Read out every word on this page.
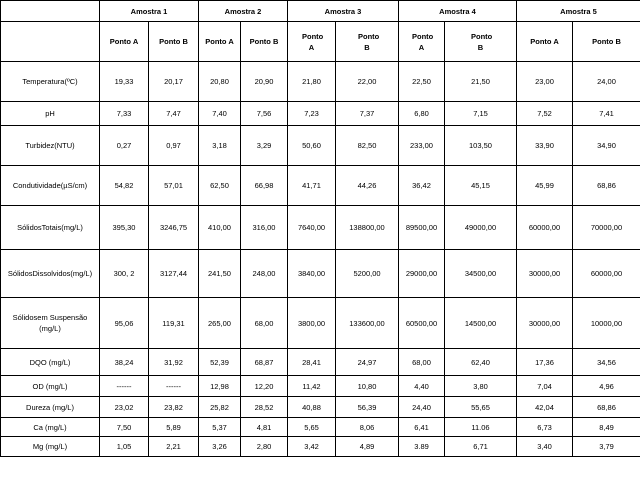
	Amostra 1		Amostra 2		Amostra 3		Amostra 4		Amostra 5	
	Ponto A	Ponto B	Ponto A	Ponto B	Ponto A	Ponto B	Ponto A	Ponto B	Ponto A	Ponto B
Temperatura(ºC)	19,33	20,17	20,80	20,90	21,80	22,00	22,50	21,50	23,00	24,00
pH	7,33	7,47	7,40	7,56	7,23	7,37	6,80	7,15	7,52	7,41
Turbidez(NTU)	0,27	0,97	3,18	3,29	50,60	82,50	233,00	103,50	33,90	34,90
Condutividade(µS/cm)	54,82	57,01	62,50	66,98	41,71	44,26	36,42	45,15	45,99	68,86
SólidosTotais(mg/L)	395,30	3246,75	410,00	316,00	7640,00	138800,00	89500,00	49000,00	60000,00	70000,00
SólidosDissolvidos(mg/L)	300, 2	3127,44	241,50	248,00	3840,00	5200,00	29000,00	34500,00	30000,00	60000,00
Sólidosem Suspensão (mg/L)	95,06	119,31	265,00	68,00	3800,00	133600,00	60500,00	14500,00	30000,00	10000,00
DQO (mg/L)	38,24	31,92	52,39	68,87	28,41	24,97	68,00	62,40	17,36	34,56
OD (mg/L)	------	------	12,98	12,20	11,42	10,80	4,40	3,80	7,04	4,96
Dureza (mg/L)	23,02	23,82	25,82	28,52	40,88	56,39	24,40	55,65	42,04	68,86
Ca (mg/L)	7,50	5,89	5,37	4,81	5,65	8,06	6,41	11.06	6,73	8,49
Mg (mg/L)	1,05	2,21	3,26	2,80	3,42	4,89	3.89	6,71	3,40	3,79
